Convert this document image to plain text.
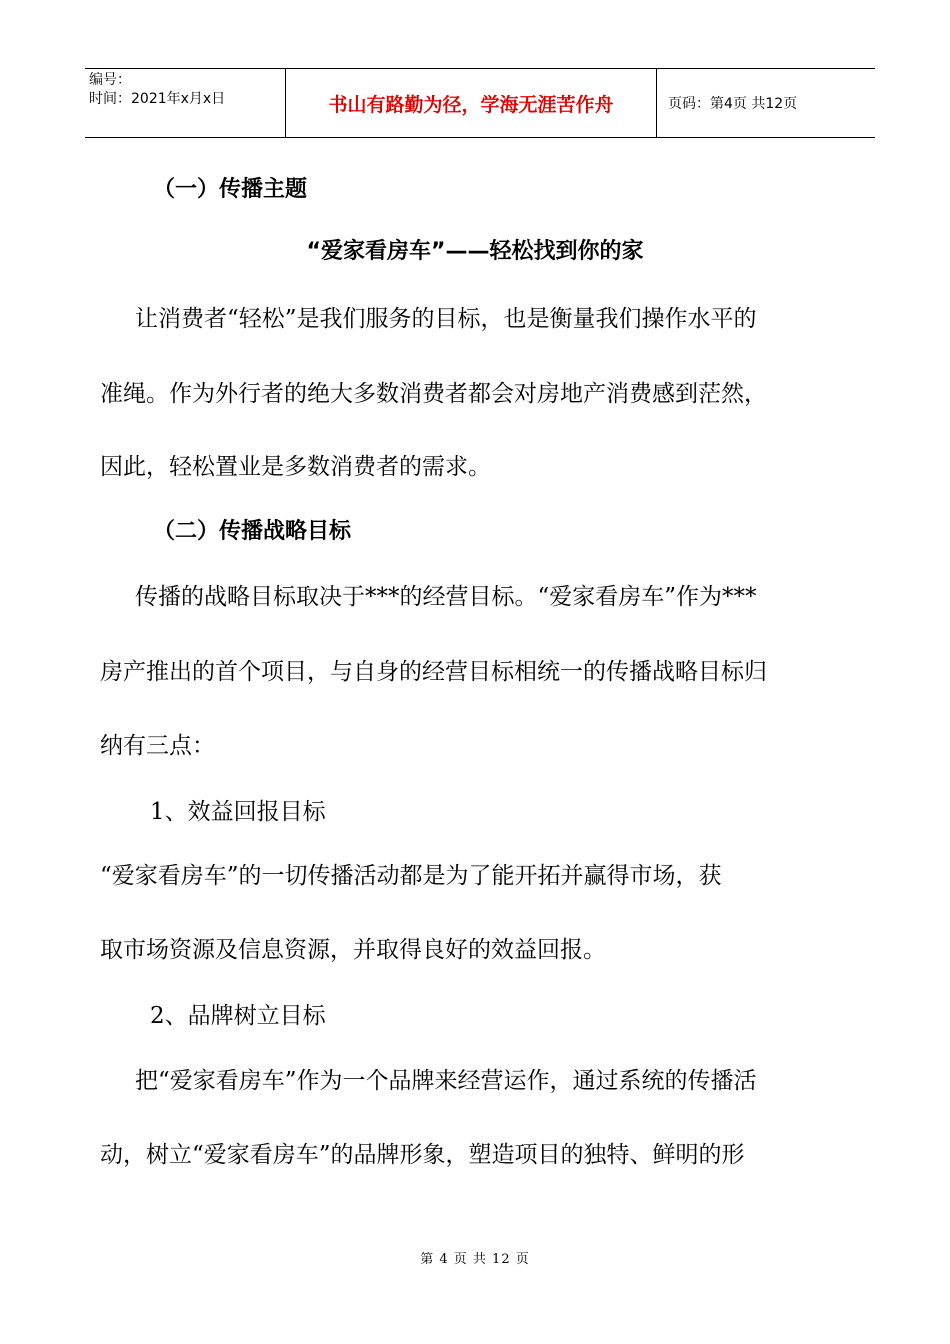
编号：
时间：2021年x月x日	书山有路勤为径，学海无涯苦作舟	页码：第4页 共12页
（一）传播主题
“爱家看房车”——轻松找到你的家
让消费者“轻松”是我们服务的目标，也是衡量我们操作水平的
准绳。作为外行者的绝大多数消费者都会对房地产消费感到茫然，
因此，轻松置业是多数消费者的需求。
（二）传播战略目标
传播的战略目标取决于***的经营目标。“爱家看房车”作为***
房产推出的首个项目，与自身的经营目标相统一的传播战略目标归
纳有三点：
1、效益回报目标
“爱家看房车”的一切传播活动都是为了能开拓并赢得市场，获
取市场资源及信息资源，并取得良好的效益回报。
2、品牌树立目标
把“爱家看房车”作为一个品牌来经营运作，通过系统的传播活
动，树立“爱家看房车”的品牌形象，塑造项目的独特、鲜明的形
第 4 页 共 12 页
